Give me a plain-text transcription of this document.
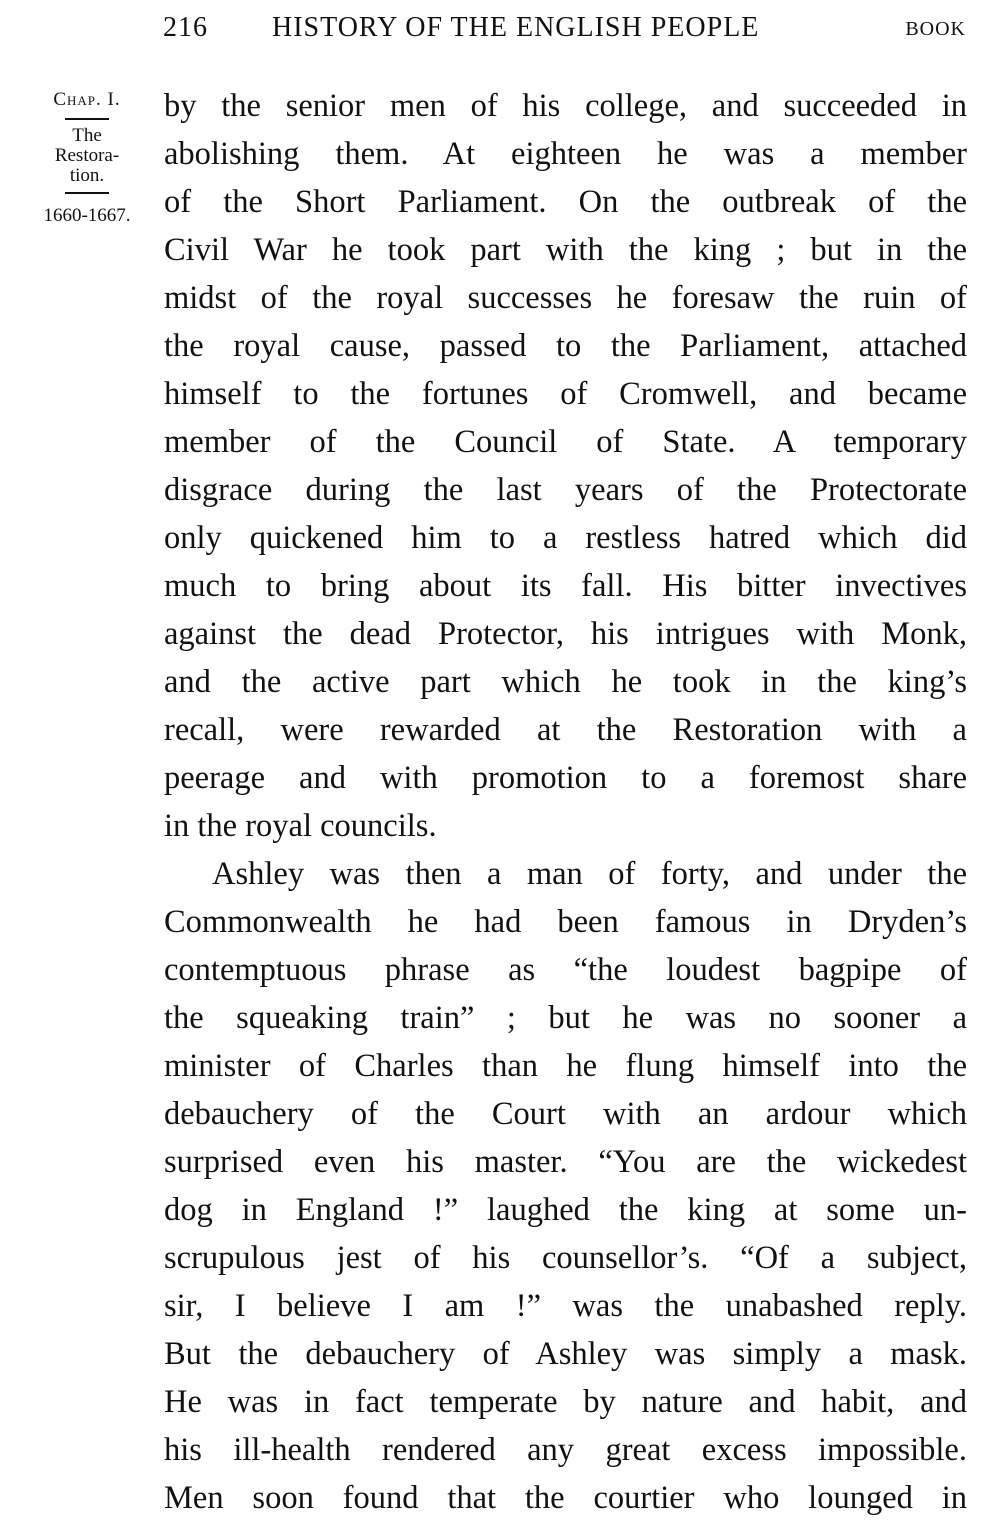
216 HISTORY OF THE ENGLISH PEOPLE	BOOK
Chap. I.
The
Restora-
tion.
1660-1667.
by the senior men of his college, and succeeded in
abolishing them. At eighteen he was a member
of the Short Parliament. On the outbreak of the
Civil War he took part with the king ; but in the
midst of the royal successes he foresaw the ruin of
the royal cause, passed to the Parliament, attached
himself to the fortunes of Cromwell, and became
member of the Council of State. A temporary
disgrace during the last years of the Protectorate
only quickened him to a restless hatred which did
much to bring about its fall. His bitter invectives
against the dead Protector, his intrigues with Monk,
and the active part which he took in the king’s
recall, were rewarded at the Restoration with a
peerage and with promotion to a foremost share
in the royal councils.
Ashley was then a man of forty, and under the
Commonwealth he had been famous in Dryden’s
contemptuous phrase as “the loudest bagpipe of
the squeaking train” ; but he was no sooner a
minister of Charles than he flung himself into the
debauchery of the Court with an ardour which
surprised even his master. “You are the wickedest
dog in England !” laughed the king at some un-
scrupulous jest of his counsellor’s. “Of a subject,
sir, I believe I am !” was the unabashed reply.
But the debauchery of Ashley was simply a mask.
He was in fact temperate by nature and habit, and
his ill-health rendered any great excess impossible.
Men soon found that the courtier who lounged in
